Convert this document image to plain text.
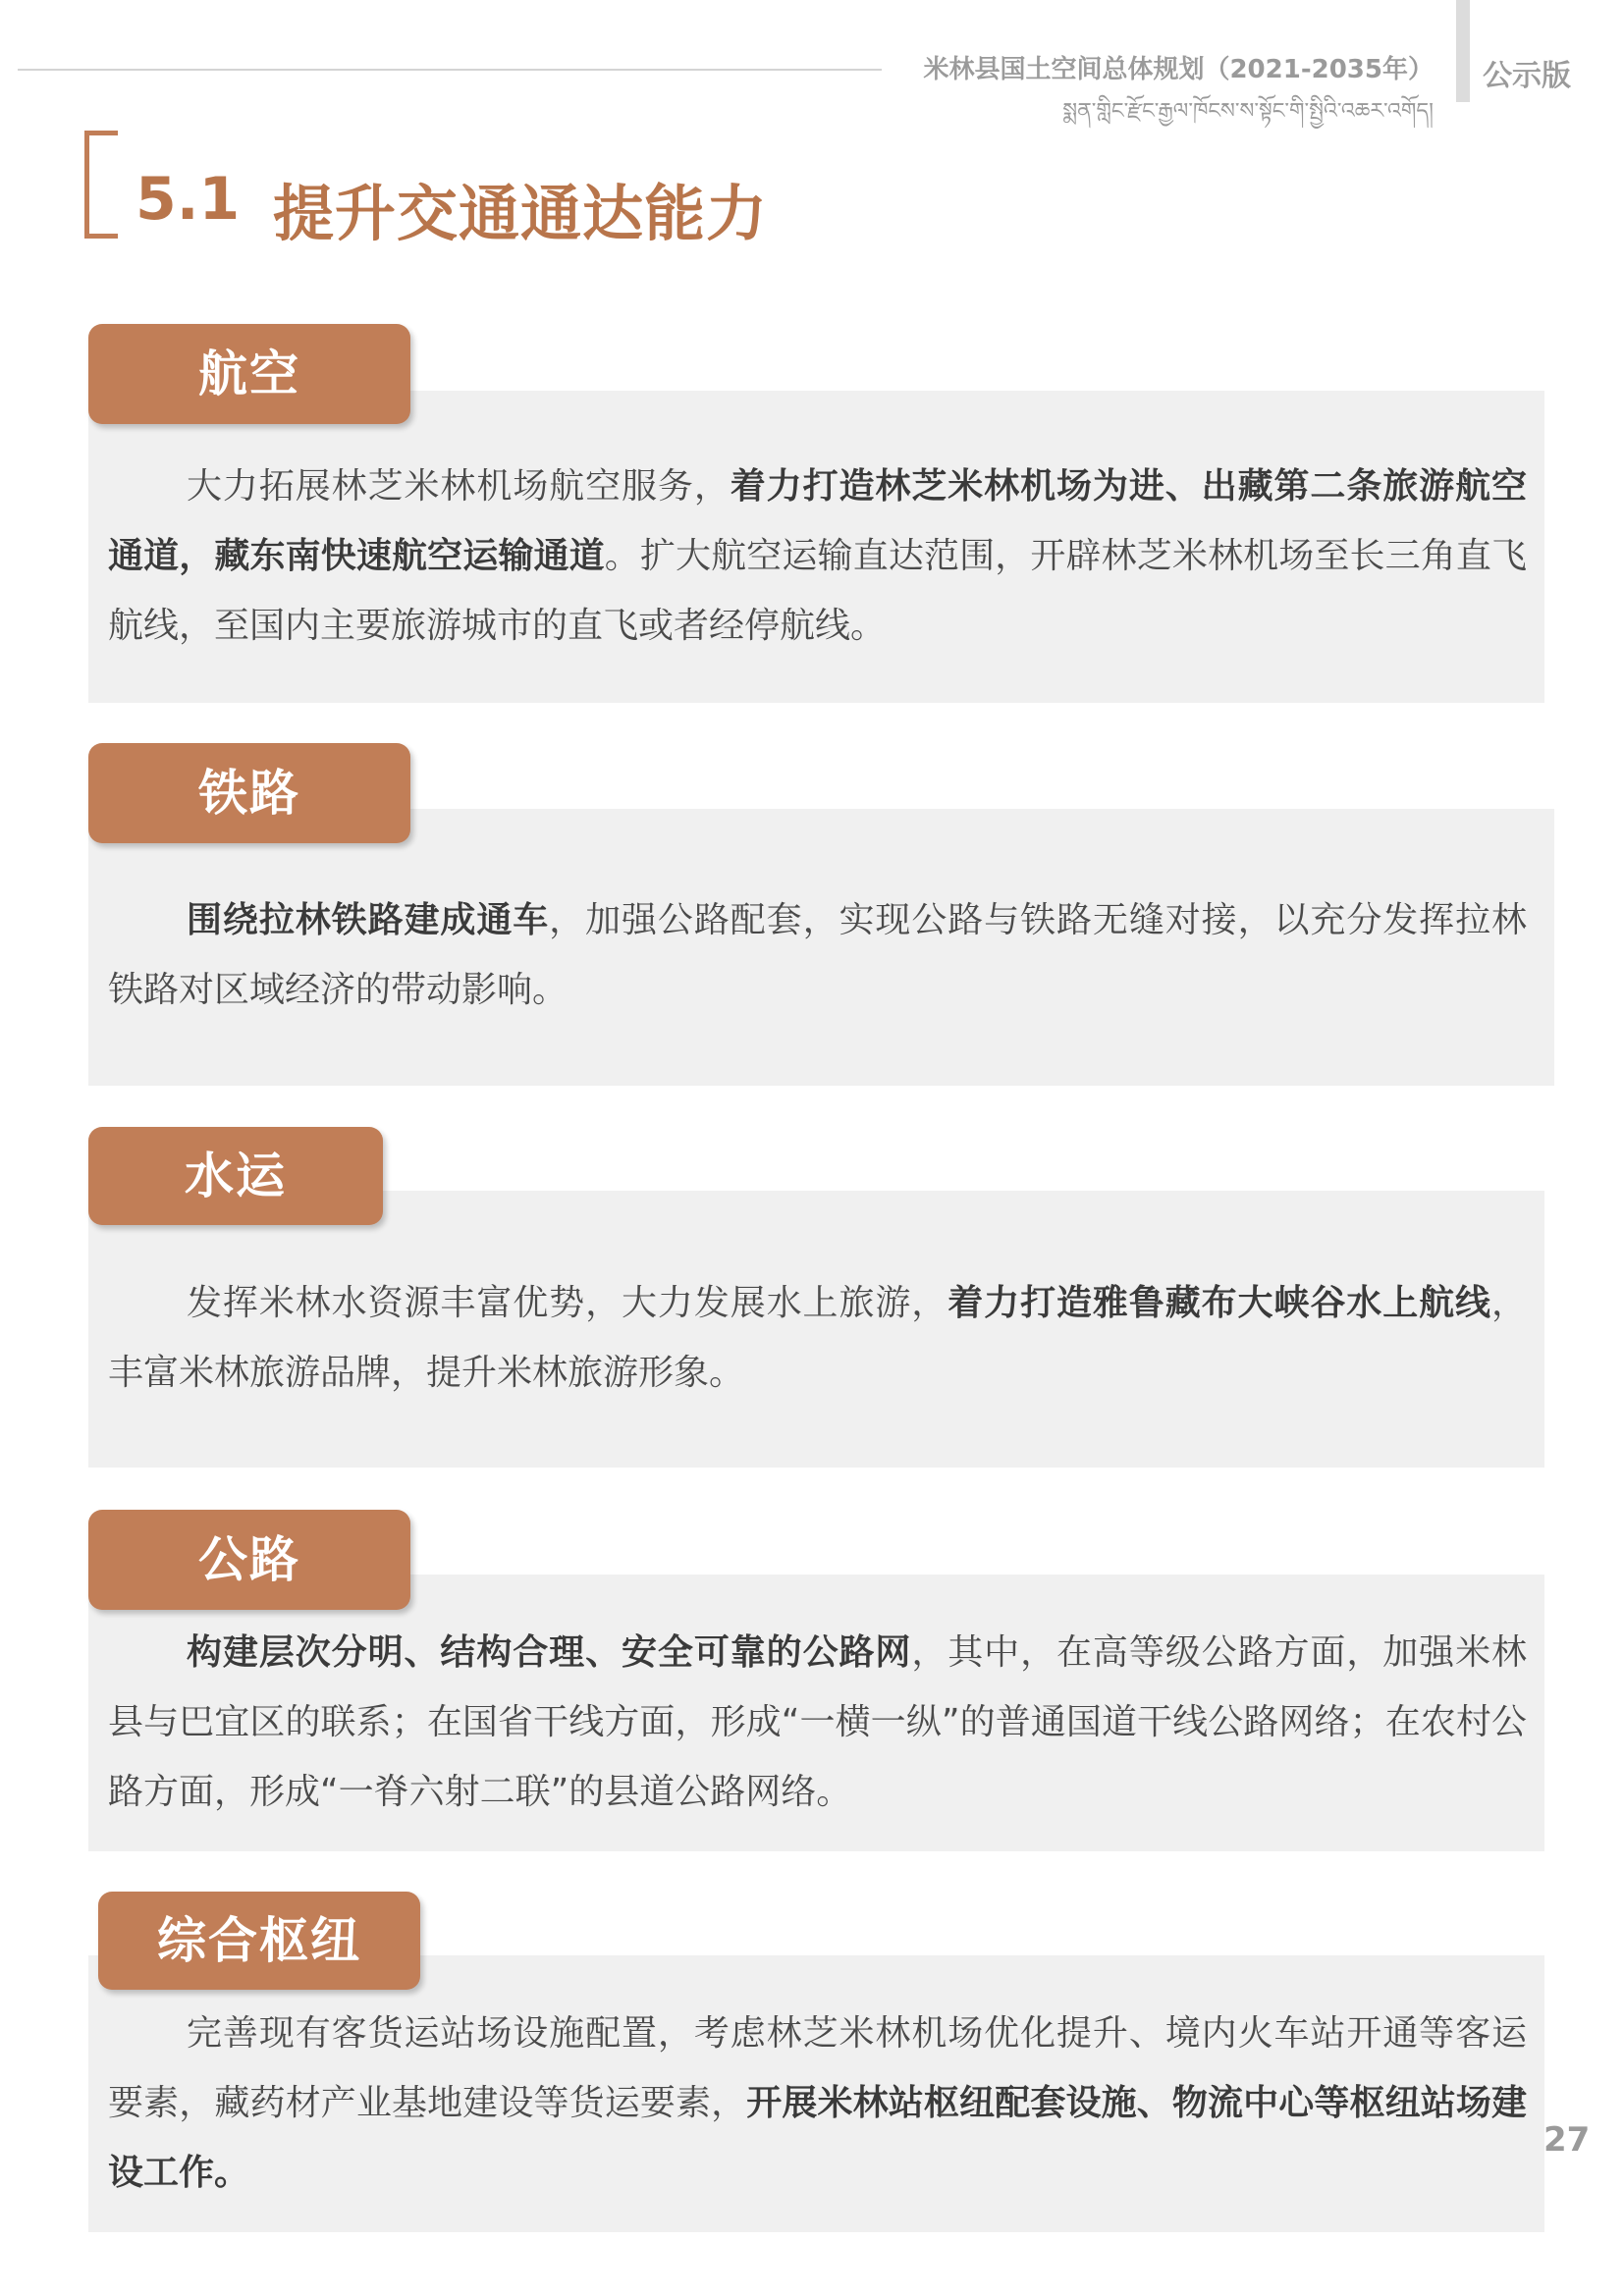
米林县国土空间总体规划（2021-2035年）
སྨན་གླིང་རྫོང་རྒྱལ་ཁོངས་ས་སྟོང་གི་སྤྱིའི་འཆར་འགོད།
公示版
5.1 提升交通通达能力
航空

大力拓展林芝米林机场航空服务，着力打造林芝米林机场为进、出藏第二条旅游航空通道，藏东南快速航空运输通道。扩大航空运输直达范围，开辟林芝米林机场至长三角直飞航线，至国内主要旅游城市的直飞或者经停航线。

铁路

围绕拉林铁路建成通车，加强公路配套，实现公路与铁路无缝对接，以充分发挥拉林铁路对区域经济的带动影响。

水运

发挥米林水资源丰富优势，大力发展水上旅游，着力打造雅鲁藏布大峡谷水上航线，丰富米林旅游品牌，提升米林旅游形象。

公路

构建层次分明、结构合理、安全可靠的公路网，其中，在高等级公路方面，加强米林县与巴宜区的联系；在国省干线方面，形成“一横一纵”的普通国道干线公路网络；在农村公路方面，形成“一脊六射二联”的县道公路网络。

综合枢纽

完善现有客货运站场设施配置，考虑林芝米林机场优化提升、境内火车站开通等客运要素，藏药材产业基地建设等货运要素，开展米林站枢纽配套设施、物流中心等枢纽站场建设工作。

27
